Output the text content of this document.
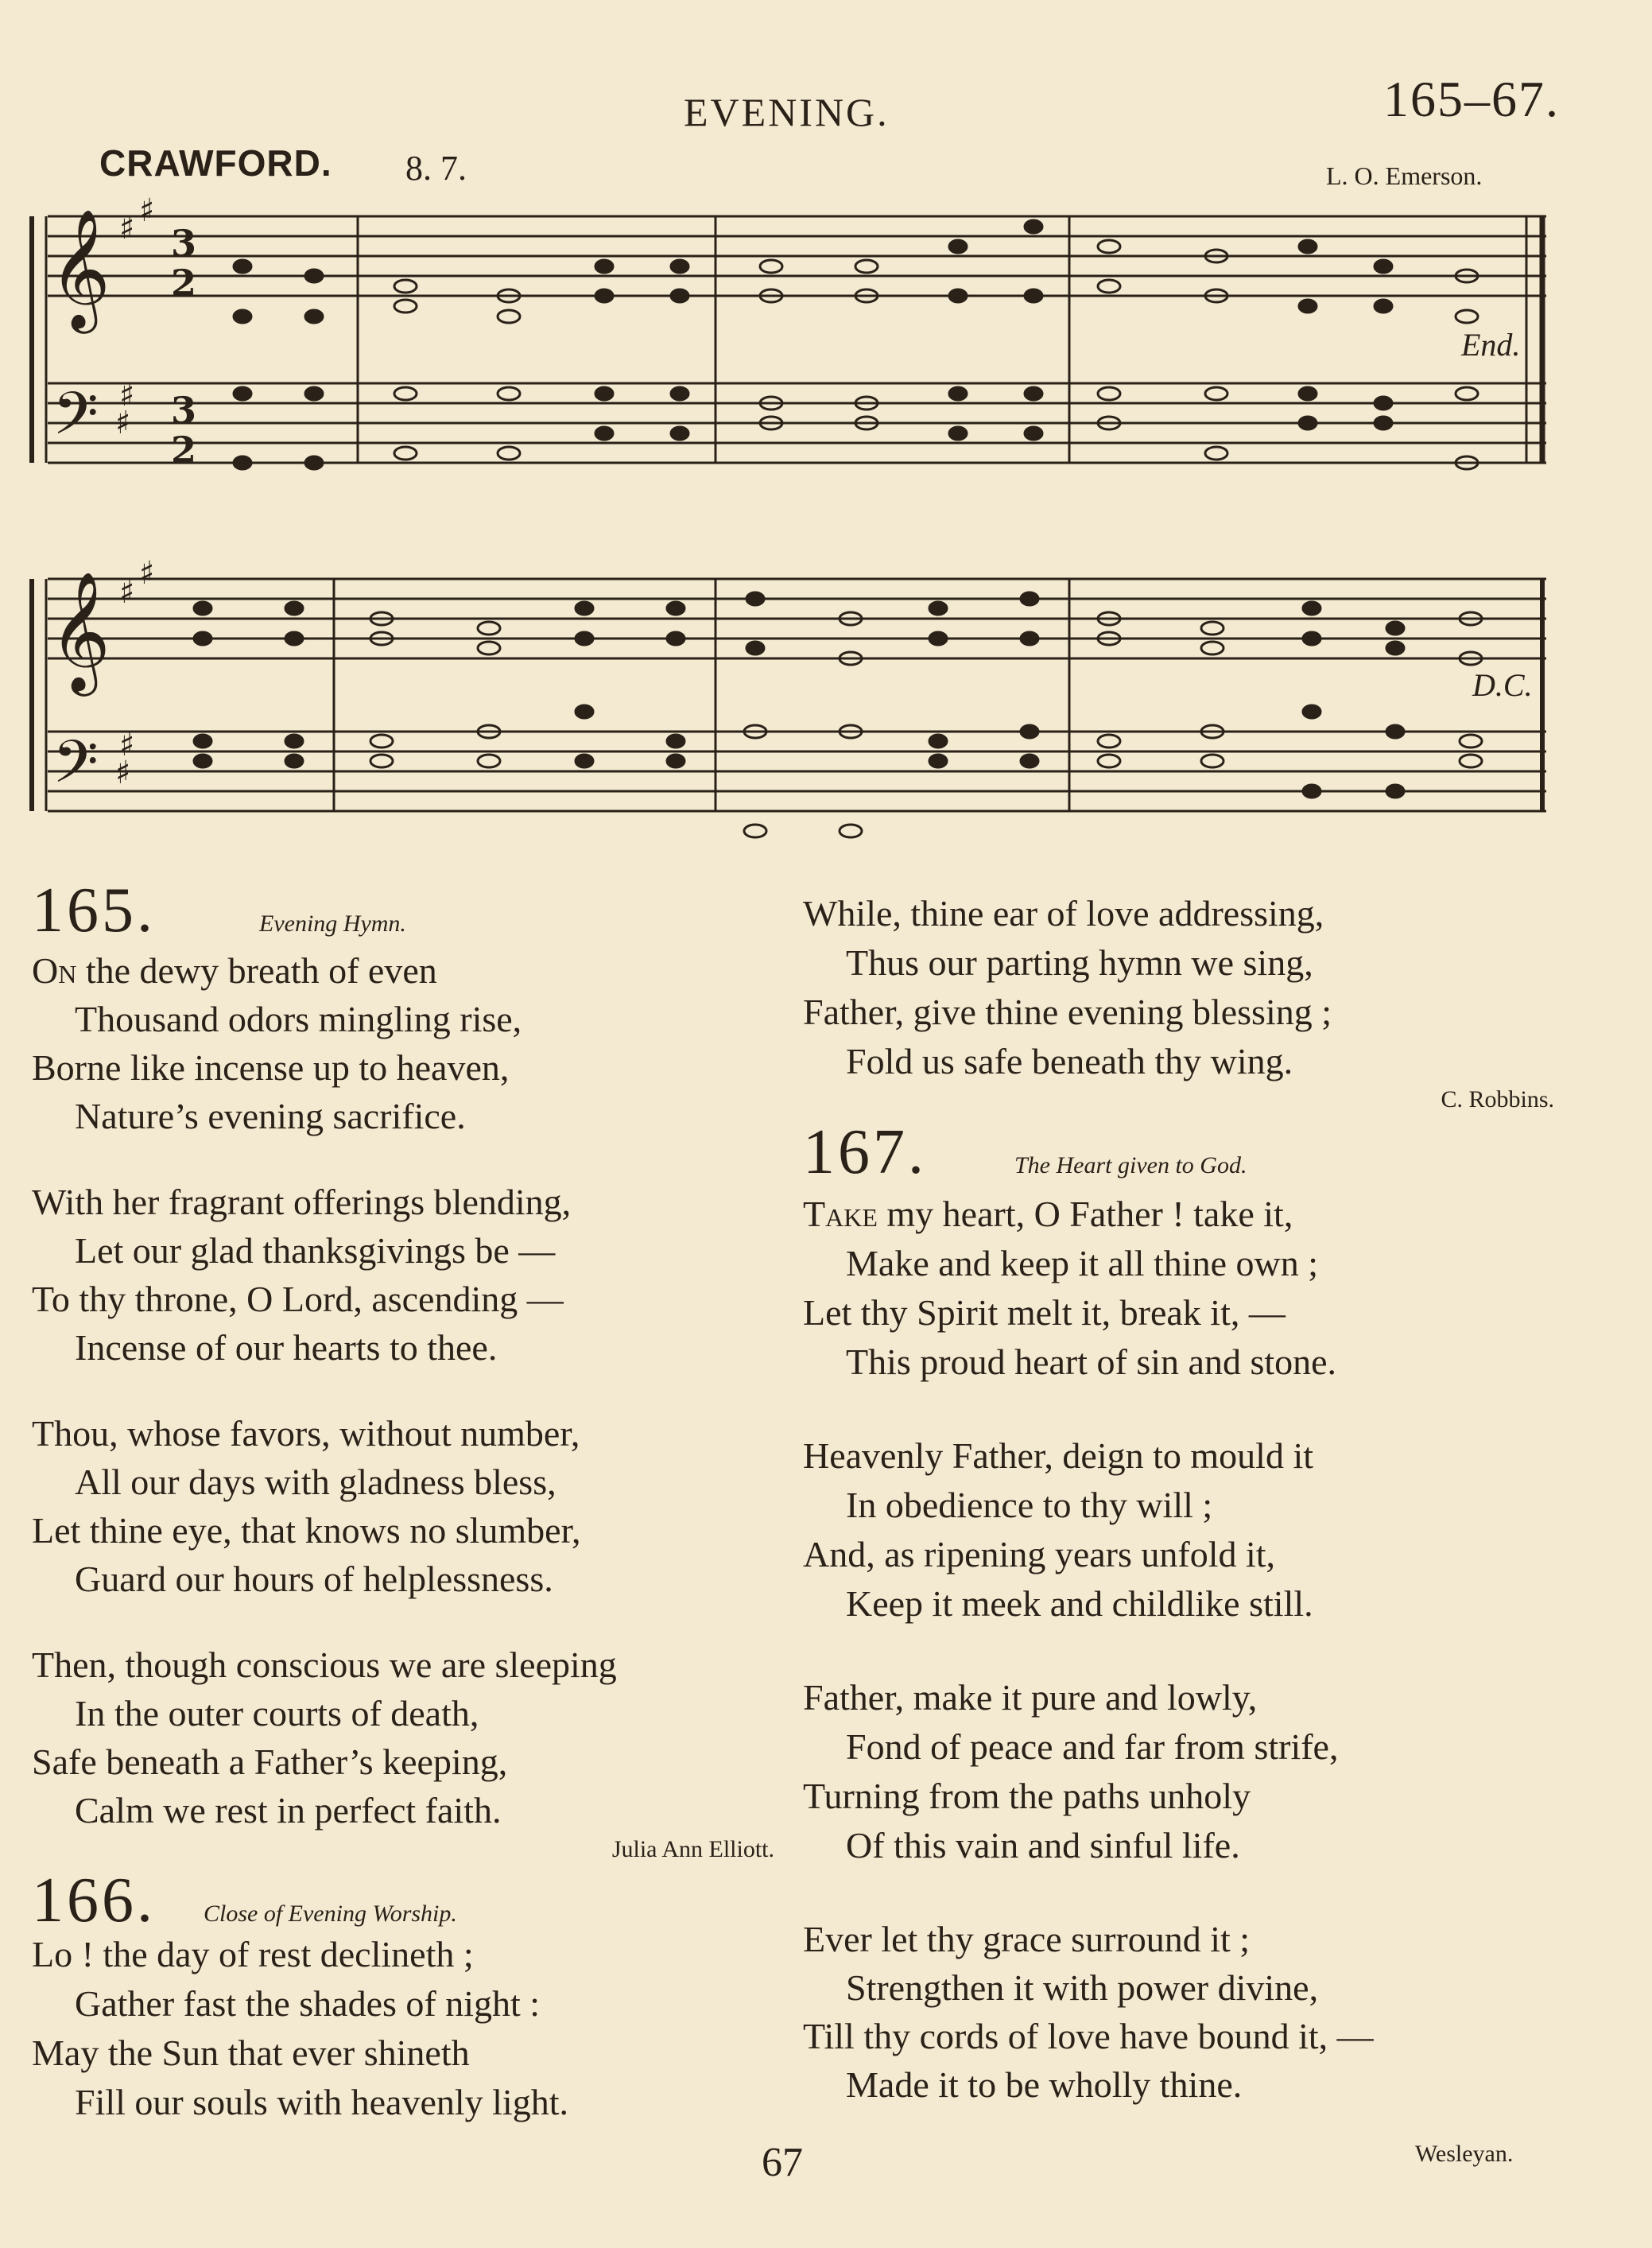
EVENING.	165–67.
CRAWFORD. 8. 7.	L. O. Emerson.
𝄞
𝄢
𝄞
𝄢
♯ ♯
♯
♯
♯
♯
♯
♯
3
2
3
2
End.
D.C.
165.	Evening Hymn.
On the dewy breath of even
Thousand odors mingling rise,
Borne like incense up to heaven,
Nature’s evening sacrifice.
With her fragrant offerings blending,
Let our glad thanksgivings be —
To thy throne, O Lord, ascending —
Incense of our hearts to thee.
Thou, whose favors, without number,
All our days with gladness bless,
Let thine eye, that knows no slumber,
Guard our hours of helplessness.
Then, though conscious we are sleeping
In the outer courts of death,
Safe beneath a Father’s keeping,
Calm we rest in perfect faith.
Julia Ann Elliott.
166. Close of Evening Worship.
Lo ! the day of rest declineth ;
Gather fast the shades of night :
May the Sun that ever shineth
Fill our souls with heavenly light.
While, thine ear of love addressing,
Thus our parting hymn we sing,
Father, give thine evening blessing ;
Fold us safe beneath thy wing.
C. Robbins.
167.	The Heart given to God.
Take my heart, O Father ! take it,
Make and keep it all thine own ;
Let thy Spirit melt it, break it, —
This proud heart of sin and stone.
Heavenly Father, deign to mould it
In obedience to thy will ;
And, as ripening years unfold it,
Keep it meek and childlike still.
Father, make it pure and lowly,
Fond of peace and far from strife,
Turning from the paths unholy
Of this vain and sinful life.
Ever let thy grace surround it ;
Strengthen it with power divine,
Till thy cords of love have bound it, —
Made it to be wholly thine.
Wesleyan.
67
